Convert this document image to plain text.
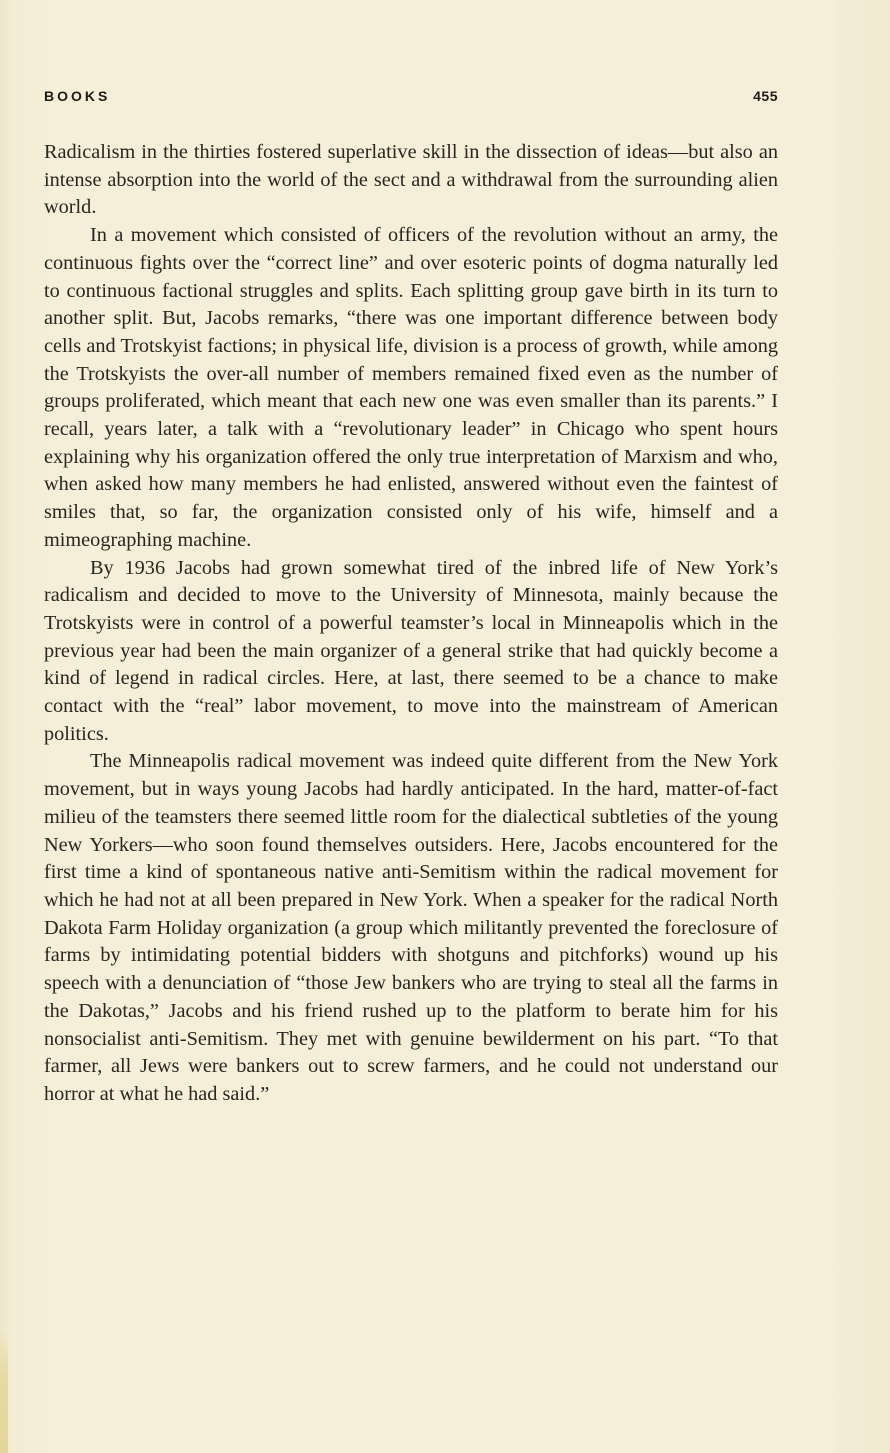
BOOKS	455

Radicalism in the thirties fostered superlative skill in the dissection of ideas—but also an intense absorption into the world of the sect and a withdrawal from the surrounding alien world.

In a movement which consisted of officers of the revolution without an army, the continuous fights over the “correct line” and over esoteric points of dogma naturally led to continuous factional struggles and splits. Each splitting group gave birth in its turn to another split. But, Jacobs remarks, “there was one important difference between body cells and Trotskyist factions; in physical life, division is a process of growth, while among the Trotskyists the over-all number of members remained fixed even as the number of groups proliferated, which meant that each new one was even smaller than its parents.” I recall, years later, a talk with a “revolutionary leader” in Chicago who spent hours explaining why his organization offered the only true interpretation of Marxism and who, when asked how many members he had enlisted, answered without even the faintest of smiles that, so far, the organization consisted only of his wife, himself and a mimeographing machine.

By 1936 Jacobs had grown somewhat tired of the inbred life of New York’s radicalism and decided to move to the University of Minnesota, mainly because the Trotskyists were in control of a powerful teamster’s local in Minneapolis which in the previous year had been the main organizer of a general strike that had quickly become a kind of legend in radical circles. Here, at last, there seemed to be a chance to make contact with the “real” labor movement, to move into the mainstream of American politics.

The Minneapolis radical movement was indeed quite different from the New York movement, but in ways young Jacobs had hardly anticipated. In the hard, matter-of-fact milieu of the teamsters there seemed little room for the dialectical subtleties of the young New Yorkers—who soon found themselves outsiders. Here, Jacobs encountered for the first time a kind of spontaneous native anti-Semitism within the radical movement for which he had not at all been prepared in New York. When a speaker for the radical North Dakota Farm Holiday organization (a group which militantly prevented the foreclosure of farms by intimidating potential bidders with shotguns and pitchforks) wound up his speech with a denunciation of “those Jew bankers who are trying to steal all the farms in the Dakotas,” Jacobs and his friend rushed up to the platform to berate him for his nonsocialist anti-Semitism. They met with genuine bewilderment on his part. “To that farmer, all Jews were bankers out to screw farmers, and he could not understand our horror at what he had said.”
